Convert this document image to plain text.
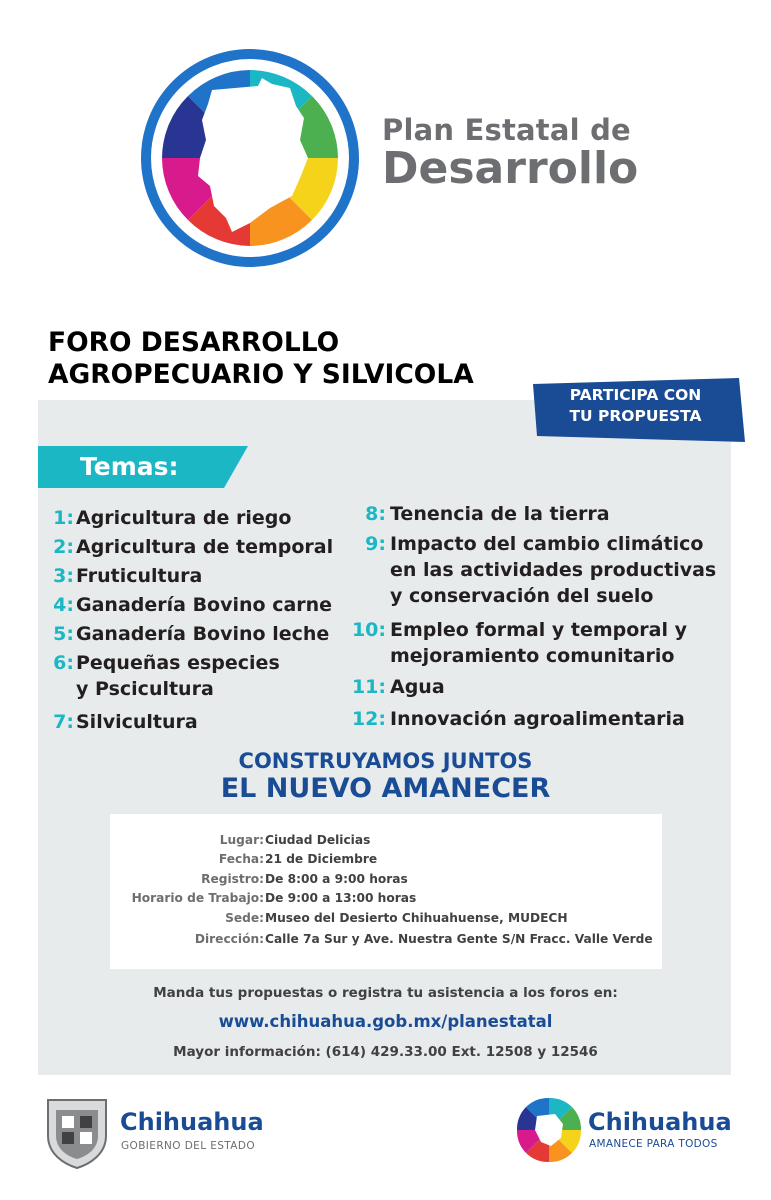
Plan Estatal de
Desarrollo
FORO DESARROLLO
AGROPECUARIO Y SILVICOLA
PARTICIPA CON
TU PROPUESTA
Temas:
1: Agricultura de riego
2: Agricultura de temporal
3: Fruticultura
4: Ganadería Bovino carne
5: Ganadería Bovino leche
6: Pequeñas especies
y Pscicultura
7: Silvicultura
8: Tenencia de la tierra
9: Impacto del cambio climático
en las actividades productivas
y conservación del suelo
10: Empleo formal y temporal y
mejoramiento comunitario
11: Agua
12: Innovación agroalimentaria
CONSTRUYAMOS JUNTOS
EL NUEVO AMANECER
Lugar: Ciudad Delicias
Fecha: 21 de Diciembre
Registro: De 8:00 a 9:00 horas
Horario de Trabajo: De 9:00 a 13:00 horas
Sede: Museo del Desierto Chihuahuense, MUDECH
Dirección: Calle 7a Sur y Ave. Nuestra Gente S/N Fracc. Valle Verde
Manda tus propuestas o registra tu asistencia a los foros en:
www.chihuahua.gob.mx/planestatal
Mayor información: (614) 429.33.00 Ext. 12508 y 12546
Chihuahua
GOBIERNO DEL ESTADO
Chihuahua
AMANECE PARA TODOS
